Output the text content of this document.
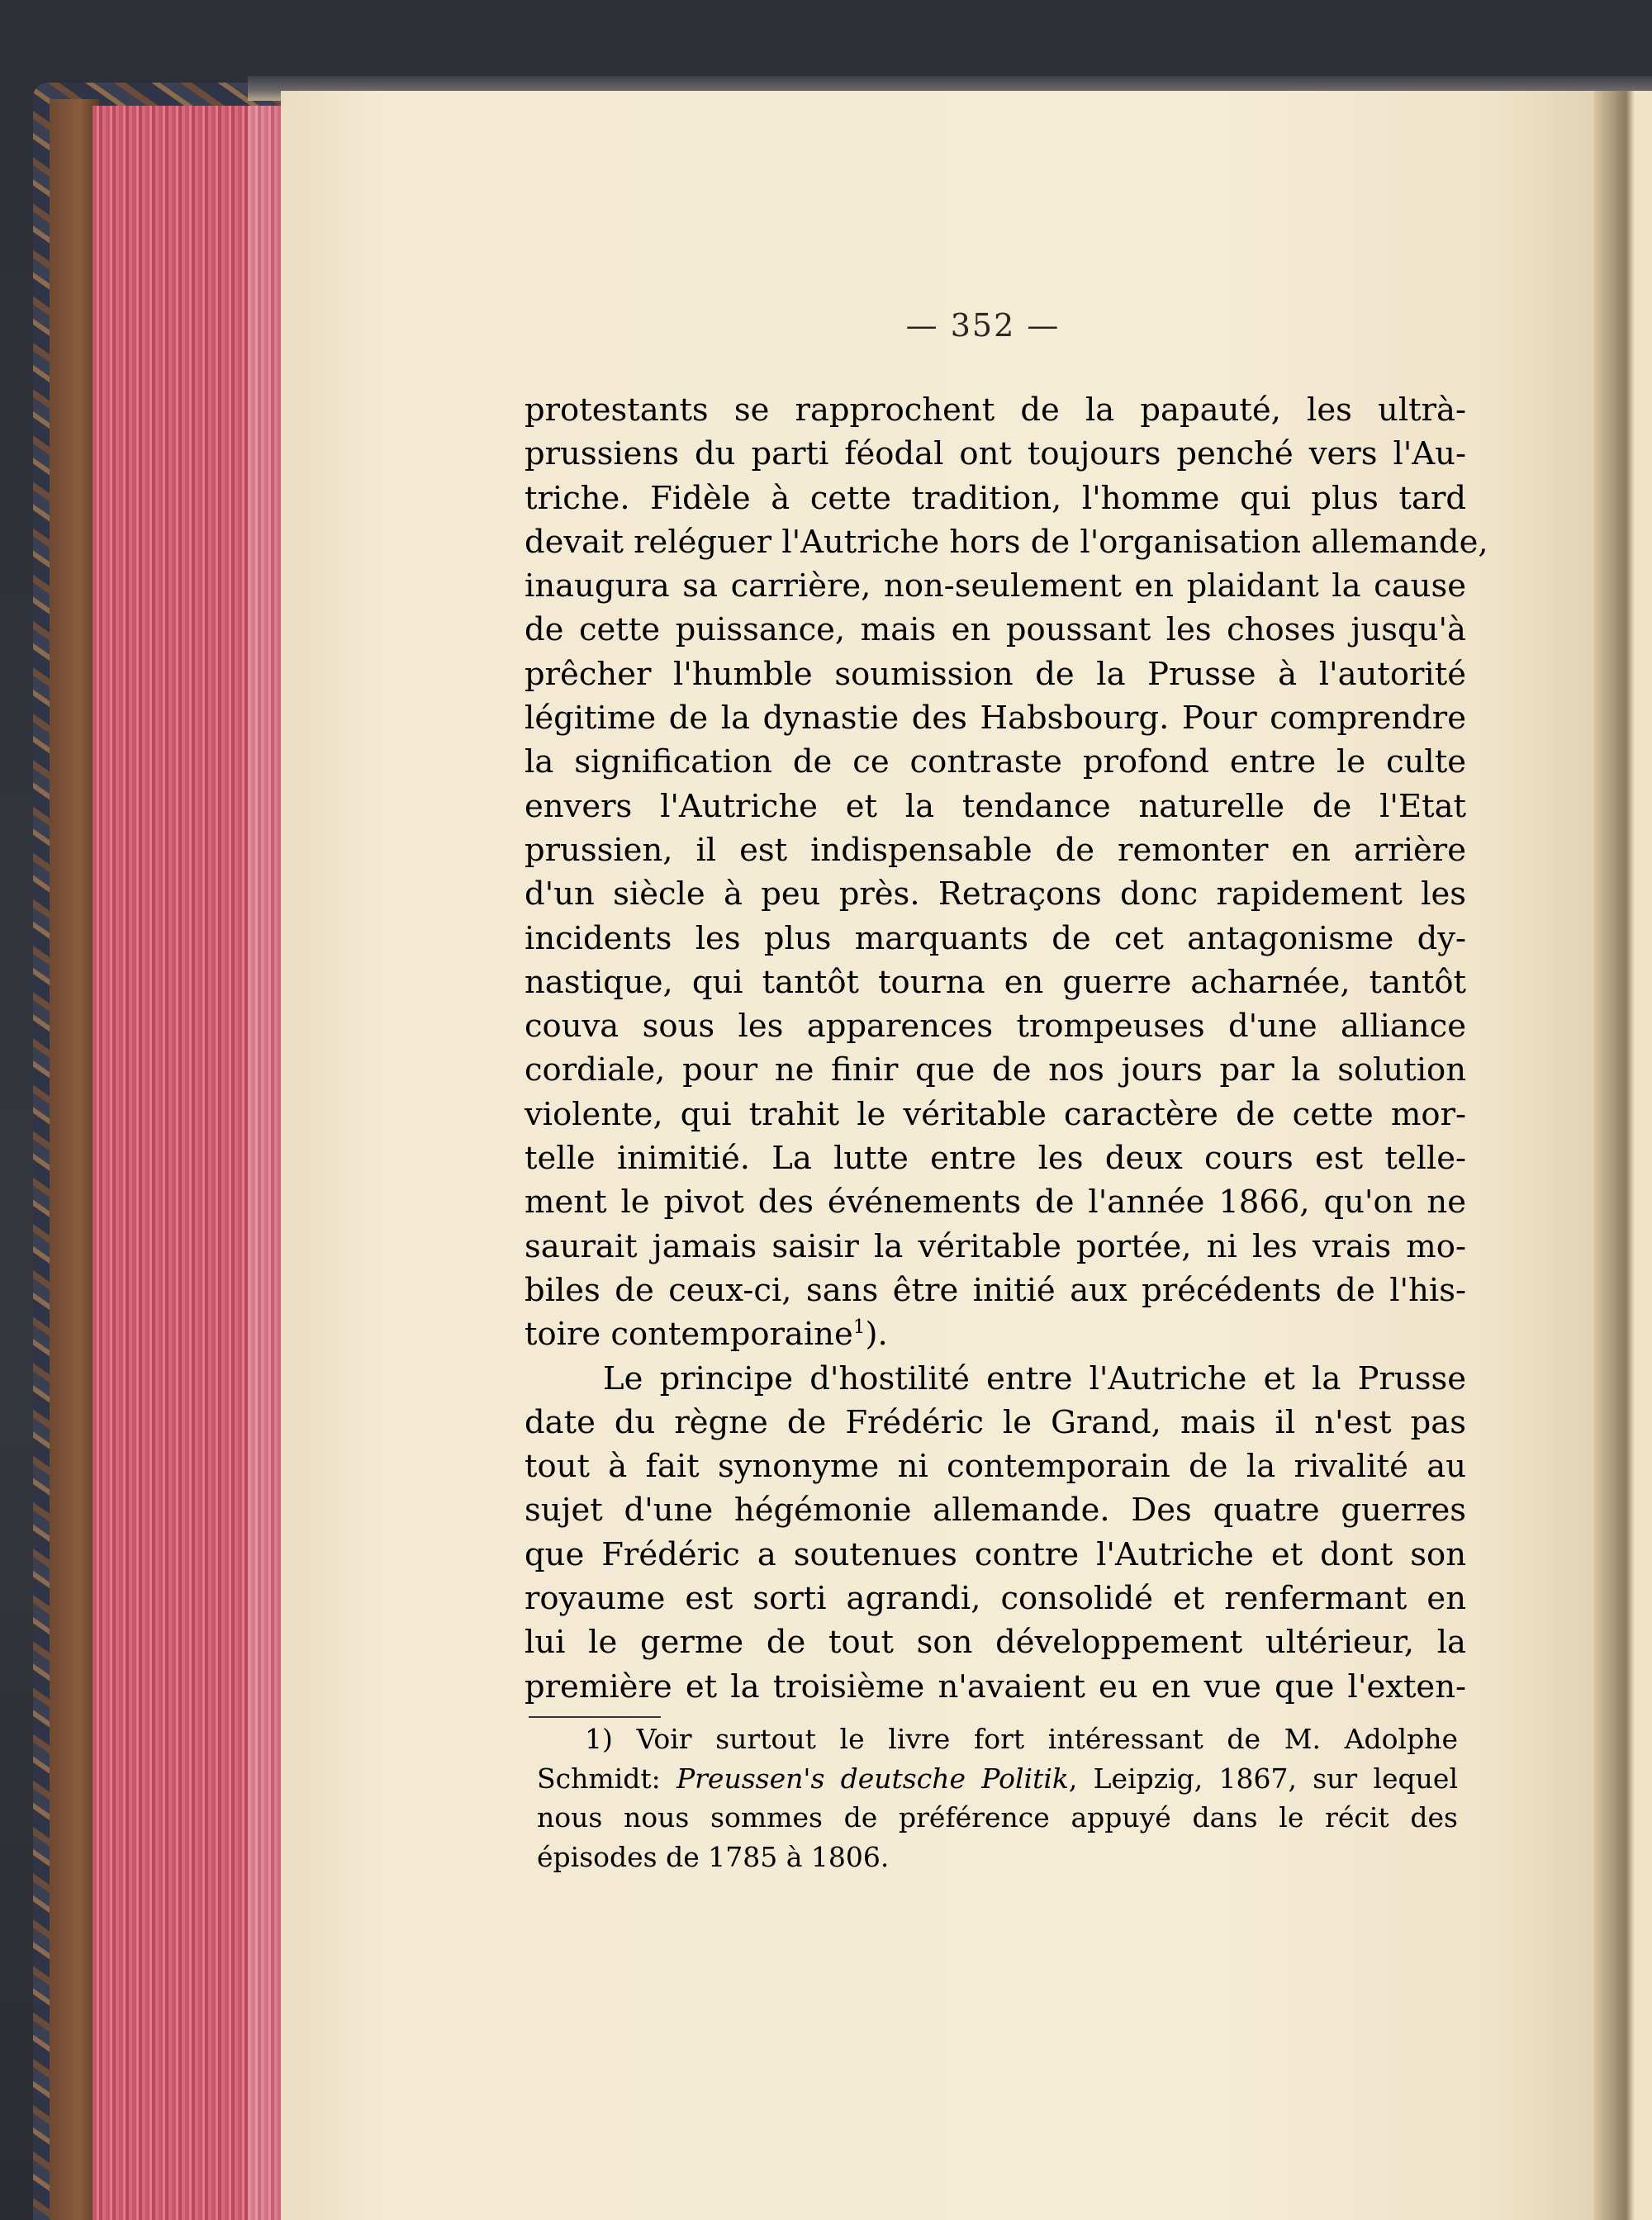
— 352 —
protestants se rapprochent de la papauté, les ultrà-
prussiens du parti féodal ont toujours penché vers l'Au-
triche. Fidèle à cette tradition, l'homme qui plus tard
devait reléguer l'Autriche hors de l'organisation allemande,
inaugura sa carrière, non-seulement en plaidant la cause
de cette puissance, mais en poussant les choses jusqu'à
prêcher l'humble soumission de la Prusse à l'autorité
légitime de la dynastie des Habsbourg. Pour comprendre
la signification de ce contraste profond entre le culte
envers l'Autriche et la tendance naturelle de l'Etat
prussien, il est indispensable de remonter en arrière
d'un siècle à peu près. Retraçons donc rapidement les
incidents les plus marquants de cet antagonisme dy-
nastique, qui tantôt tourna en guerre acharnée, tantôt
couva sous les apparences trompeuses d'une alliance
cordiale, pour ne finir que de nos jours par la solution
violente, qui trahit le véritable caractère de cette mor-
telle inimitié. La lutte entre les deux cours est telle-
ment le pivot des événements de l'année 1866, qu'on ne
saurait jamais saisir la véritable portée, ni les vrais mo-
biles de ceux-ci, sans être initié aux précédents de l'his-
toire contemporaine$^1$).
Le principe d'hostilité entre l'Autriche et la Prusse
date du règne de Frédéric le Grand, mais il n'est pas
tout à fait synonyme ni contemporain de la rivalité au
sujet d'une hégémonie allemande. Des quatre guerres
que Frédéric a soutenues contre l'Autriche et dont son
royaume est sorti agrandi, consolidé et renfermant en
lui le germe de tout son développement ultérieur, la
première et la troisième n'avaient eu en vue que l'exten-
1) Voir surtout le livre fort intéressant de M. Adolphe
Schmidt: Preussen's deutsche Politik, Leipzig, 1867, sur lequel
nous nous sommes de préférence appuyé dans le récit des
épisodes de 1785 à 1806.
